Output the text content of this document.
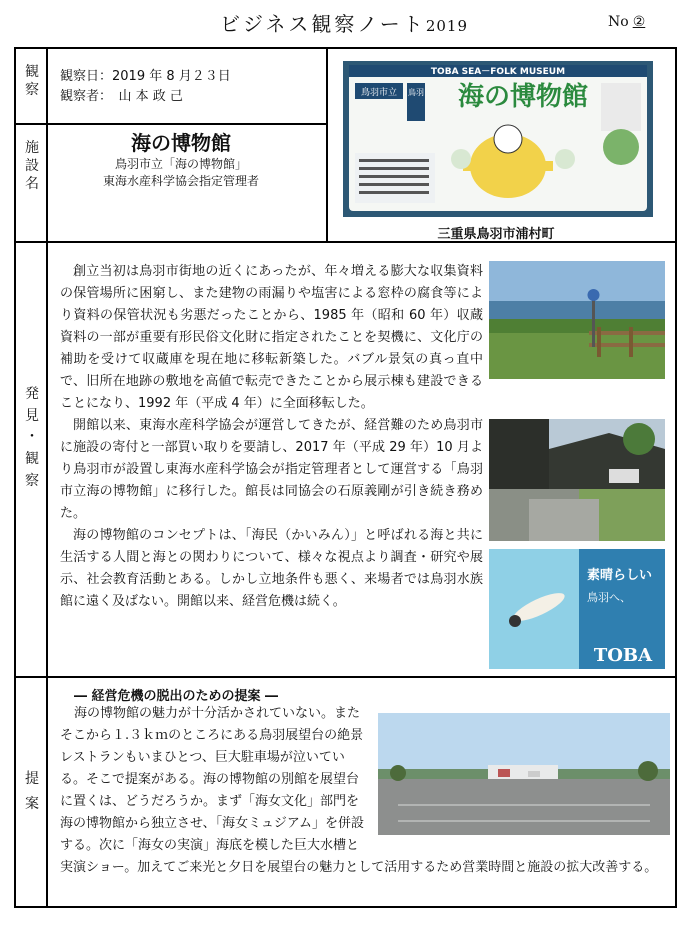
ビジネス観察ノート2019	No ②
観
察
施
設
名
発
見
・
観
察
提
案
観察日：2019 年 8 月２３日
観察者：　山 本 政 己
海の博物館
鳥羽市立「海の博物館」
東海水産科学協会指定管理者
TOBA SEA－FOLK MUSEUM
鳥羽市立 鳥羽 海の博物館
三重県鳥羽市浦村町

創立当初は鳥羽市街地の近くにあったが、年々増える膨大な収集資料の保管場所に困窮し、また建物の雨漏りや塩害による窓枠の腐食等により資料の保管状況も劣悪だったことから、1985 年（昭和 60 年）収蔵資料の一部が重要有形民俗文化財に指定されたことを契機に、文化庁の補助を受けて収蔵庫を現在地に移転新築した。バブル景気の真っ直中で、旧所在地跡の敷地を高値で転売できたことから展示棟も建設できることになり、1992 年（平成 4 年）に全面移転した。

開館以来、東海水産科学協会が運営してきたが、経営難のため鳥羽市に施設の寄付と一部買い取りを要請し、2017 年（平成 29 年）10 月より鳥羽市が設置し東海水産科学協会が指定管理者として運営する「鳥羽市立海の博物館」に移行した。館長は同協会の石原義剛が引き続き務めた。

素晴らしい
鳥羽へ、
TOBA

海の博物館のコンセプトは、「海民（かいみん）」と呼ばれる海と共に生活する人間と海との関わりについて、様々な視点より調査・研究や展示、社会教育活動とある。しかし立地条件も悪く、来場者では鳥羽水族館に遠く及ばない。開館以来、経営危機は続く。

― 経営危機の脱出のための提案 ―

海の博物館の魅力が十分活かされていない。またそこから１.３ｋｍのところにある鳥羽展望台の絶景レストランもいまひとつ、巨大駐車場が泣いている。そこで提案がある。海の博物館の別館を展望台に置くは、どうだろうか。まず「海女文化」部門を海の博物館から独立させ、「海女ミュジアム」を併設する。次に「海女の実演」海底を模した巨大水槽と実演ショー。加えてご来光と夕日を展望台の魅力として活用するため営業時間と施設の拡大改善する。
